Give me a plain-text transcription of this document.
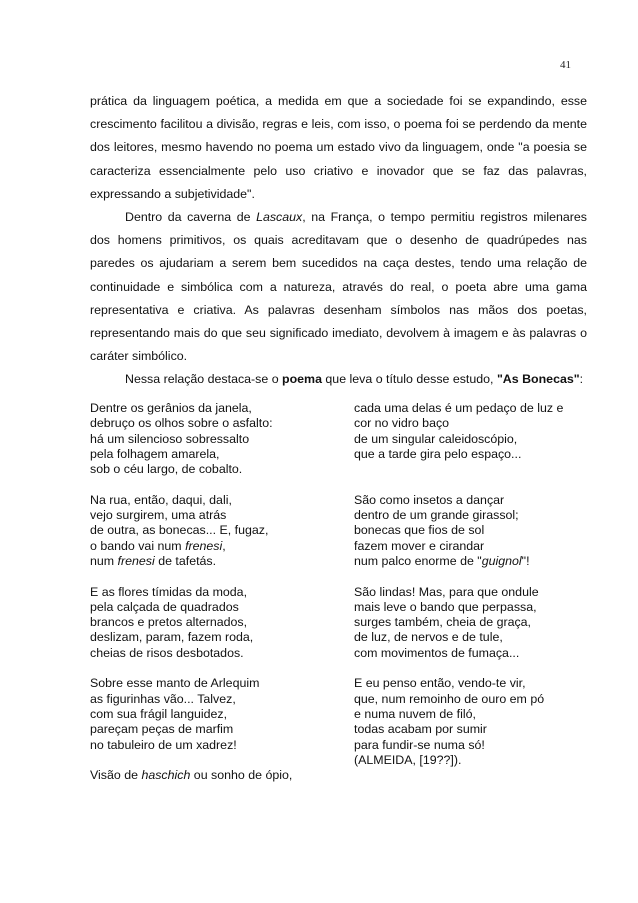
41

prática da linguagem poética, a medida em que a sociedade foi se expandindo, esse crescimento facilitou a divisão, regras e leis, com isso, o poema foi se perdendo da mente dos leitores, mesmo havendo no poema um estado vivo da linguagem, onde "a poesia se caracteriza essencialmente pelo uso criativo e inovador que se faz das palavras, expressando a subjetividade".

Dentro da caverna de Lascaux, na França, o tempo permitiu registros milenares dos homens primitivos, os quais acreditavam que o desenho de quadrúpedes nas paredes os ajudariam a serem bem sucedidos na caça destes, tendo uma relação de continuidade e simbólica com a natureza, através do real, o poeta abre uma gama representativa e criativa. As palavras desenham símbolos nas mãos dos poetas, representando mais do que seu significado imediato, devolvem à imagem e às palavras o caráter simbólico.

Nessa relação destaca-se o poema que leva o título desse estudo, "As Bonecas":

Dentre os gerânios da janela,
debruço os olhos sobre o asfalto:
há um silencioso sobressalto
pela folhagem amarela,
sob o céu largo, de cobalto.
Na rua, então, daqui, dali,
vejo surgirem, uma atrás
de outra, as bonecas... E, fugaz,
o bando vai num frenesi,
num frenesi de tafetás.
E as flores tímidas da moda,
pela calçada de quadrados
brancos e pretos alternados,
deslizam, param, fazem roda,
cheias de risos desbotados.
Sobre esse manto de Arlequim
as figurinhas vão... Talvez,
com sua frágil languidez,
pareçam peças de marfim
no tabuleiro de um xadrez!
Visão de haschich ou sonho de ópio,
cada uma delas é um pedaço de luz e
cor no vidro baço
de um singular caleidoscópio,
que a tarde gira pelo espaço...
São como insetos a dançar
dentro de um grande girassol;
bonecas que fios de sol
fazem mover e cirandar
num palco enorme de "guignol"!
São lindas! Mas, para que ondule
mais leve o bando que perpassa,
surges também, cheia de graça,
de luz, de nervos e de tule,
com movimentos de fumaça...
E eu penso então, vendo-te vir,
que, num remoinho de ouro em pó
e numa nuvem de filó,
todas acabam por sumir
para fundir-se numa só!
(ALMEIDA, [19??]).
